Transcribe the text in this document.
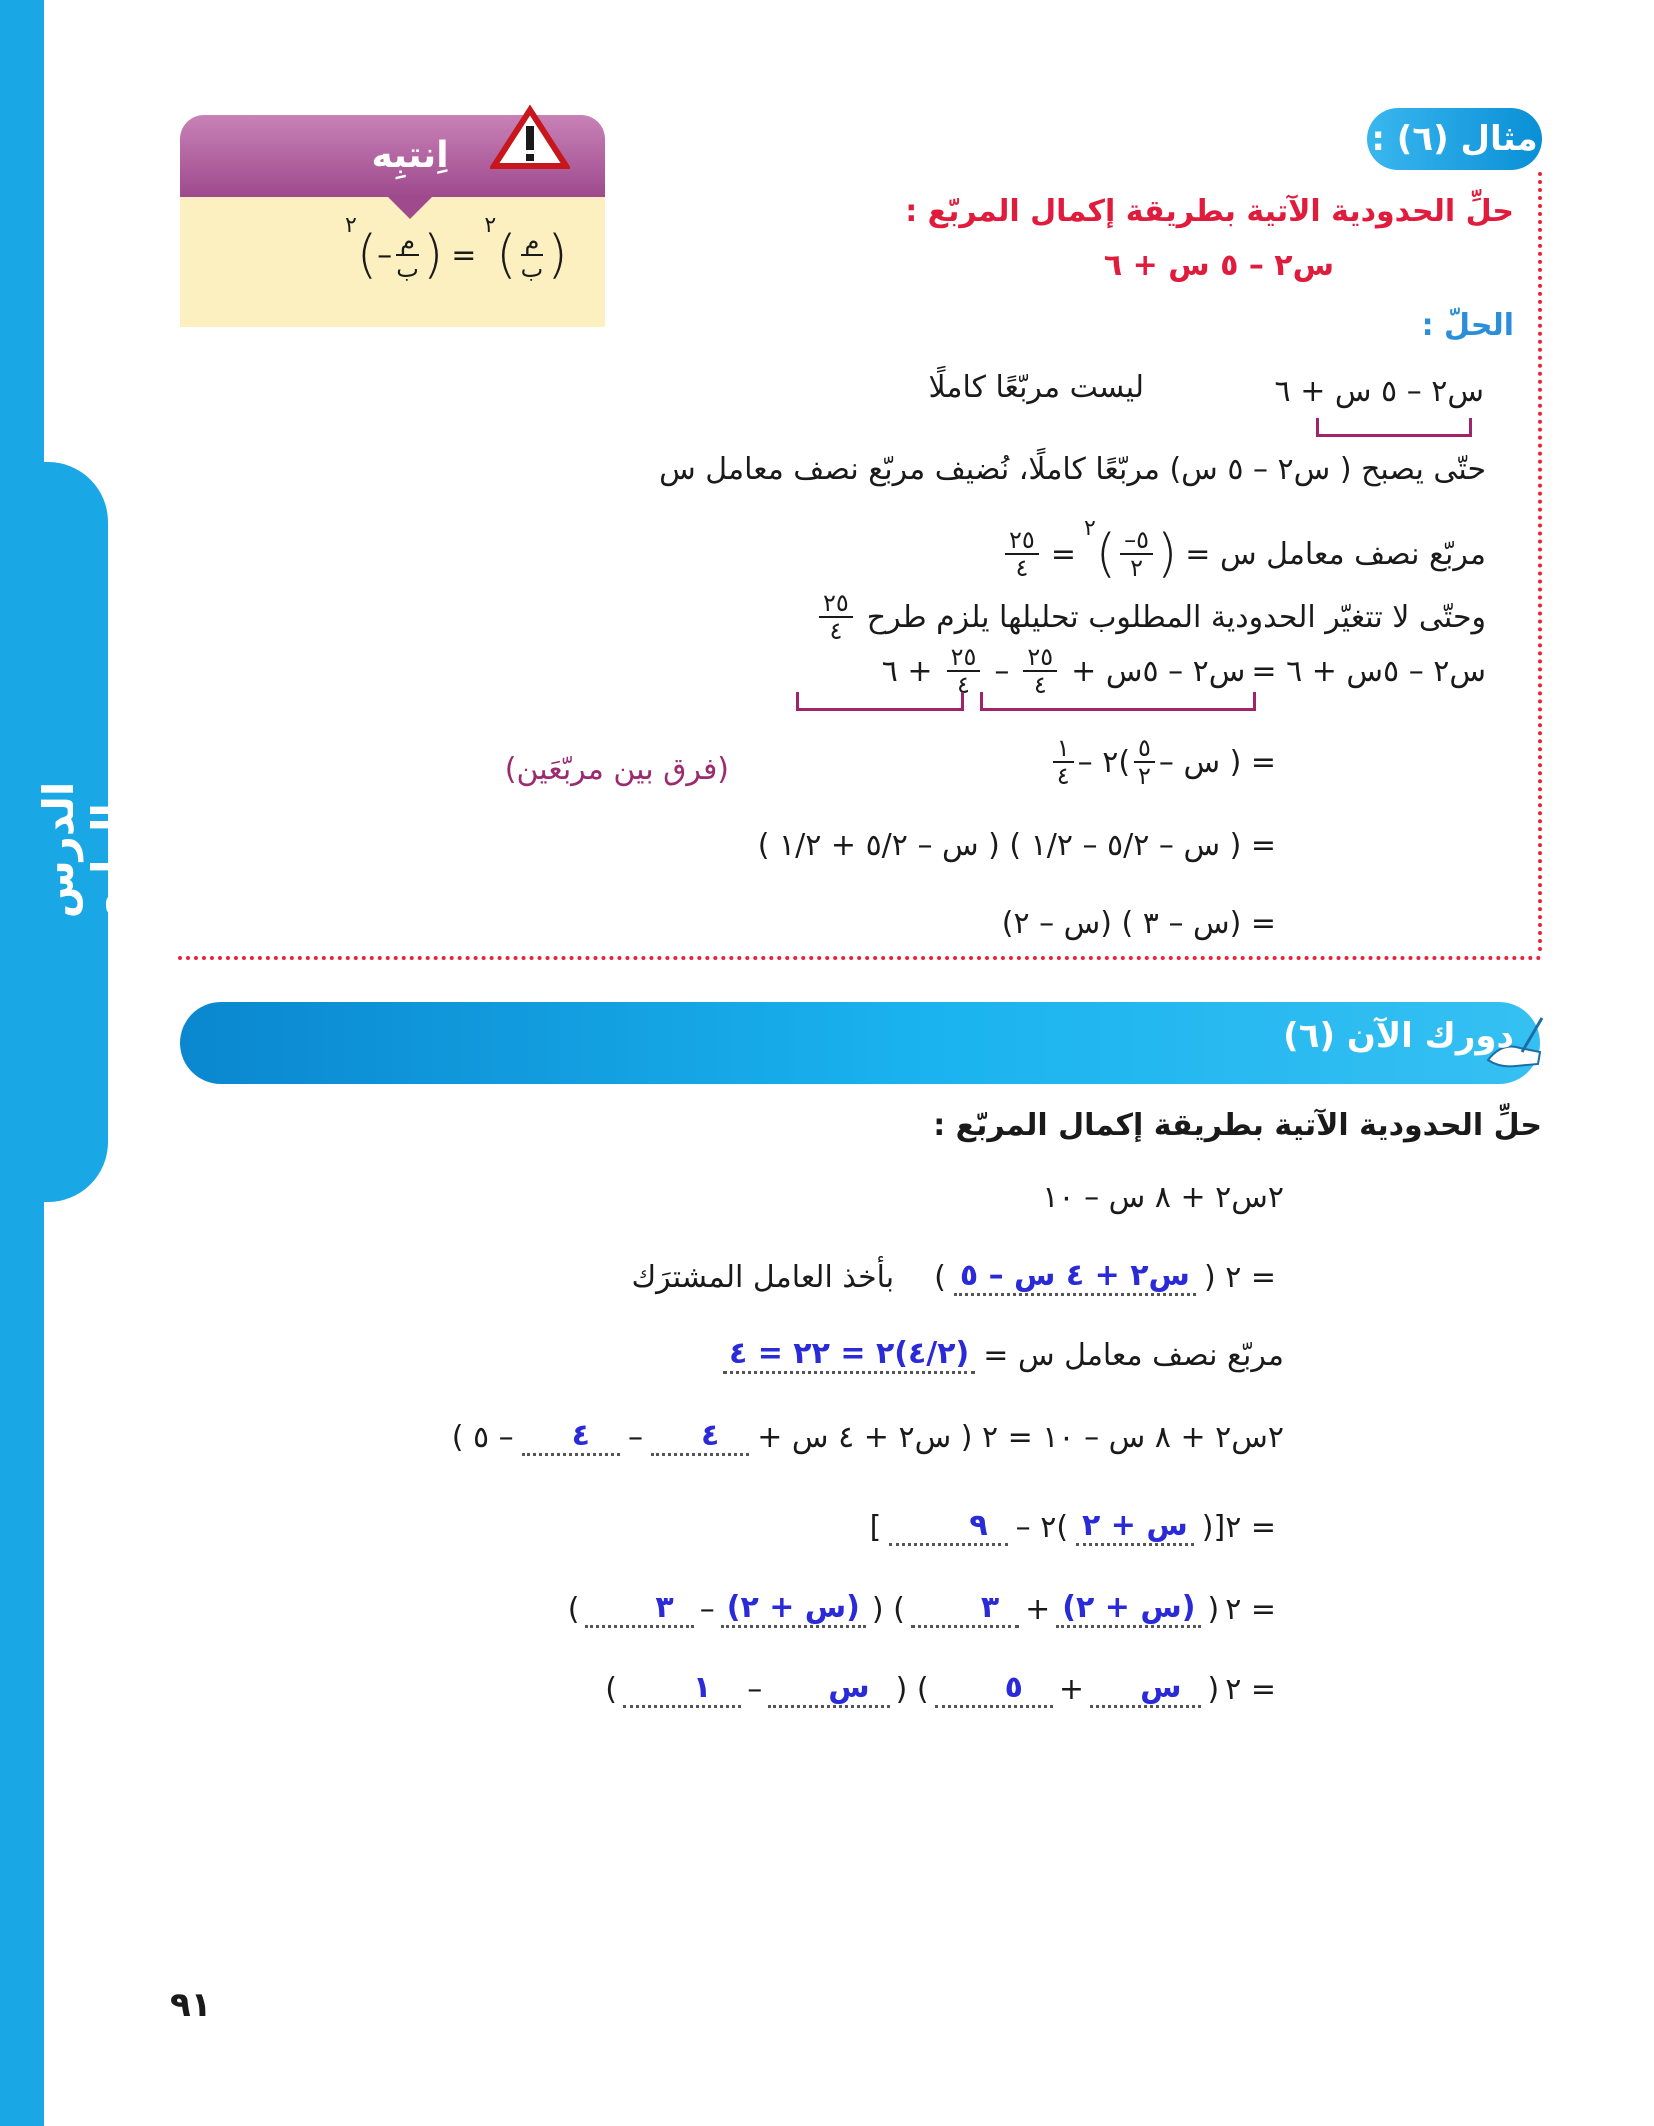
الدرس الرابع
مثال (٦) :
اِنتبِه
٢ ( – $\frac{\text{م}}{\text{ب}}$ ) =
٢ ( $\frac{\text{م}}{\text{ب}}$ )
حلِّ الحدودية الآتية بطريقة إكمال المربّع :
س٢ – ٥ س + ٦
الحلّ :
س٢ – ٥ س + ٦
ليست مربّعًا كاملًا
حتّى يصبح ( س٢ – ٥ س) مربّعًا كاملًا، نُضيف مربّع نصف معامل س
مربّع نصف معامل س =
(
$\frac{٥-}{٢}$
)
٢
=
$\frac{٢٥}{٤}$
وحتّى لا تتغيّر الحدودية المطلوب تحليلها يلزم طرح
$\frac{٢٥}{٤}$
س٢ – ٥س + ٦ =
س٢ – ٥س +
$\frac{٢٥}{٤}$
–
$\frac{٢٥}{٤}$
+ ٦
= ( س –
$\frac{٥}{٢}$
)٢ –
$\frac{١}{٤}$
(فرق بين مربّعَين)
= ( س – ٥/٢ – ١/٢ ) ( س – ٥/٢ + ١/٢ )
= (س – ٣ ) (س – ٢)
دورك الآن (٦)
حلِّ الحدودية الآتية بطريقة إكمال المربّع :
٢س٢ + ٨ س – ١٠
= ٢ (
س٢ + ٤ س – ٥
)
بأخذ العامل المشترَك
مربّع نصف معامل س =
(٤/٢)٢ = ٢٢ = ٤
٢س٢ + ٨ س – ١٠ = ٢ ( س٢ + ٤ س +
٤
–
٤
– ٥ )
= ٢[(
س + ٢
)٢ –
٩
]
= ٢
(
(س + ٢)
+
٣
) (
(س + ٢)
–
٣
)
= ٢
(
س
+
٥
) (
س
–
١
)
٩١
